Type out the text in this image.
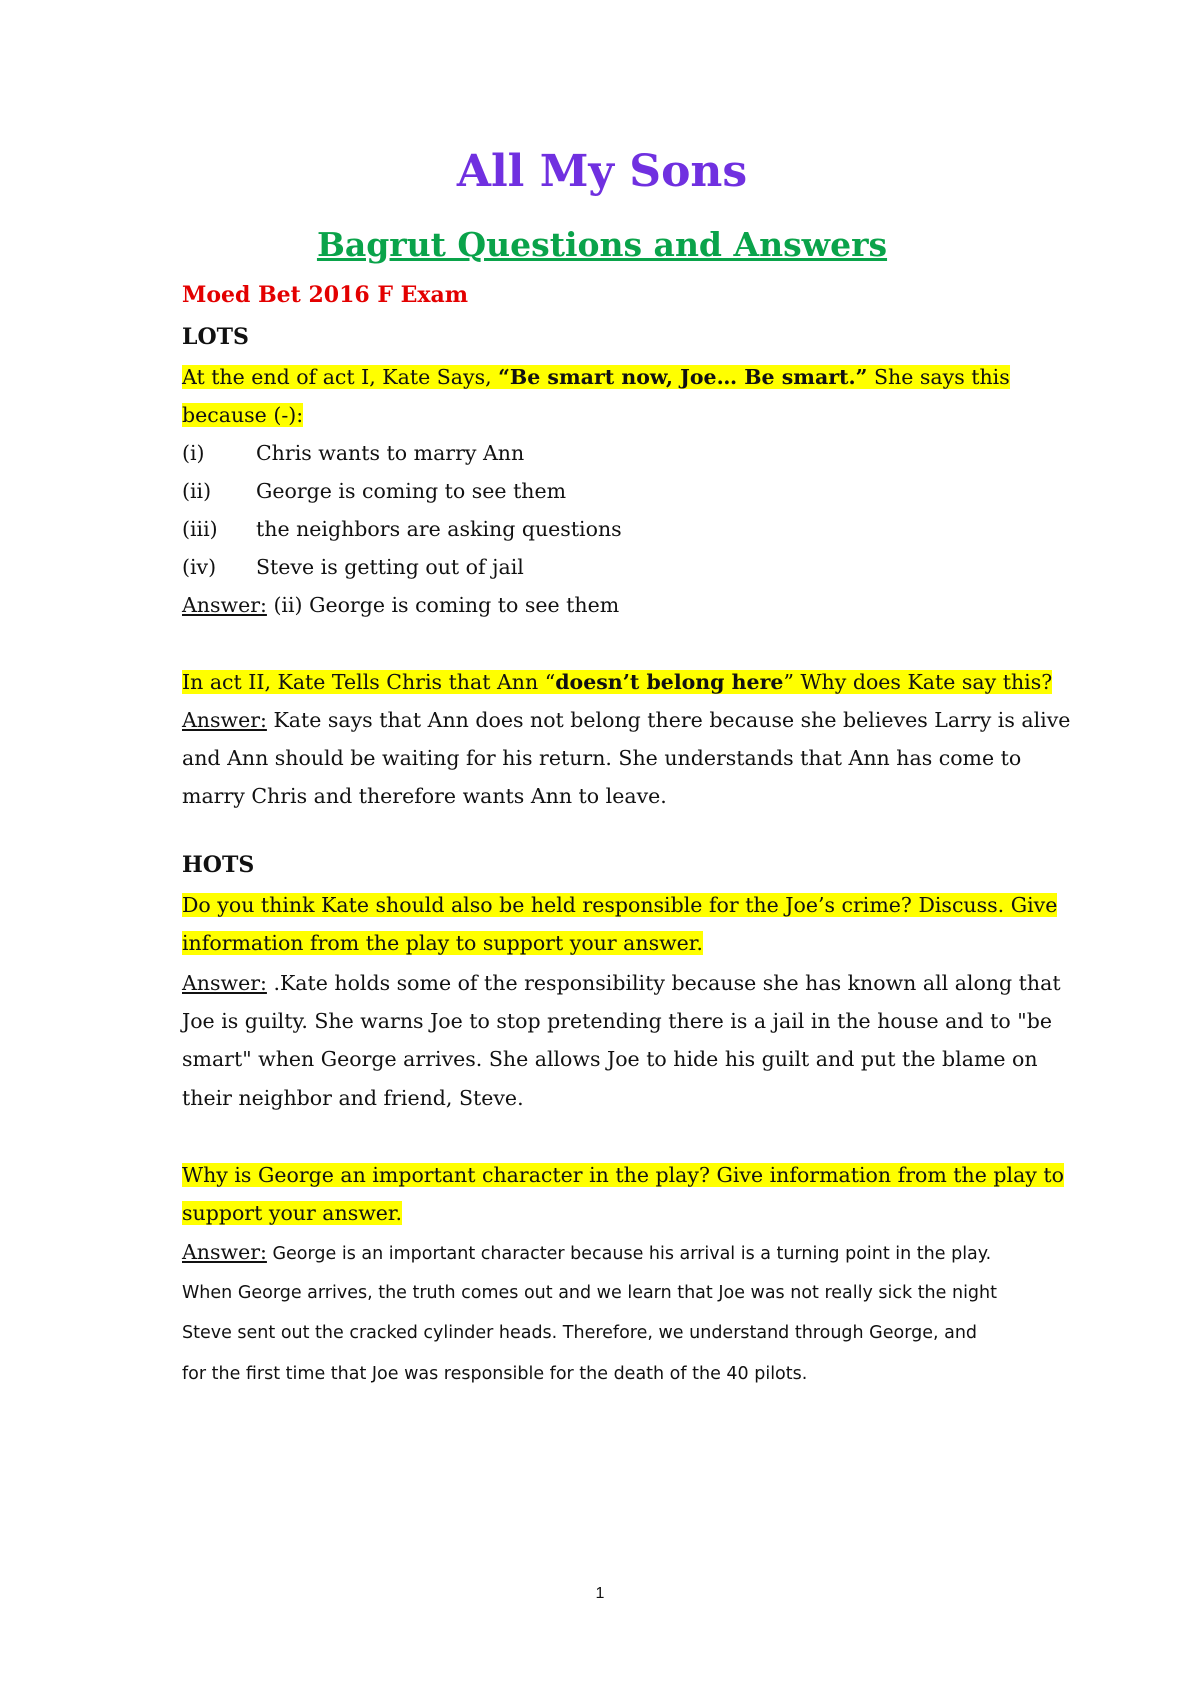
All My Sons
Bagrut Questions and Answers
Moed Bet 2016 F Exam
LOTS
At the end of act I, Kate Says, “Be smart now, Joe… Be smart.” She says this
because (-):
(i)	Chris wants to marry Ann
(ii) George is coming to see them
(iii) the neighbors are asking questions
(iv) Steve is getting out of jail
Answer: (ii) George is coming to see them
In act II, Kate Tells Chris that Ann “doesn’t belong here” Why does Kate say this?
Answer: Kate says that Ann does not belong there because she believes Larry is alive
and Ann should be waiting for his return. She understands that Ann has come to
marry Chris and therefore wants Ann to leave.
HOTS
Do you think Kate should also be held responsible for the Joe’s crime? Discuss. Give
information from the play to support your answer.
Answer: .Kate holds some of the responsibility because she has known all along that
Joe is guilty. She warns Joe to stop pretending there is a jail in the house and to "be
smart" when George arrives. She allows Joe to hide his guilt and put the blame on
their neighbor and friend, Steve.
Why is George an important character in the play? Give information from the play to
support your answer.
Answer: George is an important character because his arrival is a turning point in the play.
When George arrives, the truth comes out and we learn that Joe was not really sick the night
Steve sent out the cracked cylinder heads. Therefore, we understand through George, and
for the first time that Joe was responsible for the death of the 40 pilots.
1
